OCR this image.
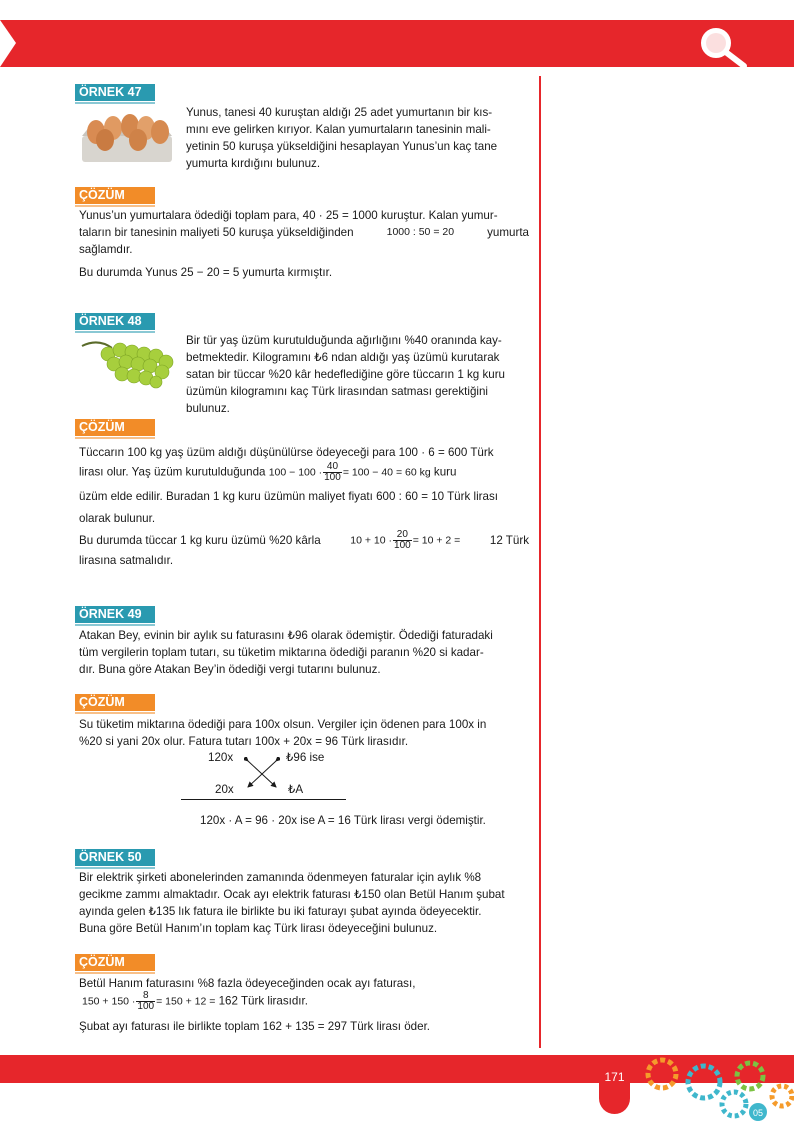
ÖRNEK 47
Yunus, tanesi 40 kuruştan aldığı 25 adet yumurtanın bir kıs-
mını eve gelirken kırıyor. Kalan yumurtaların tanesinin mali-
yetinin 50 kuruşa yükseldiğini hesaplayan Yunus’un kaç tane
yumurta kırdığını bulunuz.
ÇÖZÜM
Yunus’un yumurtalara ödediği toplam para, 40 · 25 = 1000 kuruştur. Kalan yumur-
taların bir tanesinin maliyeti 50 kuruşa yükseldiğinden	1000 : 50 = 20	yumurta
sağlamdır.
Bu durumda Yunus 25 − 20 = 5 yumurta kırmıştır.
ÖRNEK 48
Bir tür yaş üzüm kurutulduğunda ağırlığını %40 oranında kay-
betmektedir. Kilogramını ₺6 ndan aldığı yaş üzümü kurutarak
satan bir tüccar %20 kâr hedeflediğine göre tüccarın 1 kg kuru
üzümün kilogramını kaç Türk lirasından satması gerektiğini
bulunuz.
ÇÖZÜM
Tüccarın 100 kg yaş üzüm aldığı düşünülürse ödeyeceği para 100 · 6 = 600 Türk
lirası olur. Yaş üzüm kurutulduğunda $100 - 100 \cdot \frac{40}{100} = 100 - 40 = 60$ kg kuru
üzüm elde edilir. Buradan 1 kg kuru üzümün maliyet fiyatı 600 : 60 = 10 Türk lirası
olarak bulunur.
Bu durumda tüccar 1 kg kuru üzümü %20 kârla	$10 + 10 \cdot \frac{20}{100} = 10 + 2$ =	12 Türk
lirasına satmalıdır.
ÖRNEK 49
Atakan Bey, evinin bir aylık su faturasını ₺96 olarak ödemiştir. Ödediği faturadaki
tüm vergilerin toplam tutarı, su tüketim miktarına ödediği paranın %20 si kadar-
dır. Buna göre Atakan Bey’in ödediği vergi tutarını bulunuz.
ÇÖZÜM
Su tüketim miktarına ödediği para 100x olsun. Vergiler için ödenen para 100x in
%20 si yani 20x olur. Fatura tutarı 100x + 20x = 96 Türk lirasıdır.
120x	₺96 ise
20x	₺A
120x · A = 96 · 20x ise A = 16 Türk lirası vergi ödemiştir.
ÖRNEK 50
Bir elektrik şirketi abonelerinden zamanında ödenmeyen faturalar için aylık %8
gecikme zammı almaktadır. Ocak ayı elektrik faturası ₺150 olan Betül Hanım şubat
ayında gelen ₺135 lık fatura ile birlikte bu iki faturayı şubat ayında ödeyecektir.
Buna göre Betül Hanım’ın toplam kaç Türk lirası ödeyeceğini bulunuz.
ÇÖZÜM
Betül Hanım faturasını %8 fazla ödeyeceğinden ocak ayı faturası,
$150 + 150 \cdot \frac{8}{100} = 150 + 12 = 162$ Türk lirasıdır.
Şubat ayı faturası ile birlikte toplam 162 + 135 = 297 Türk lirası öder.
171
05
